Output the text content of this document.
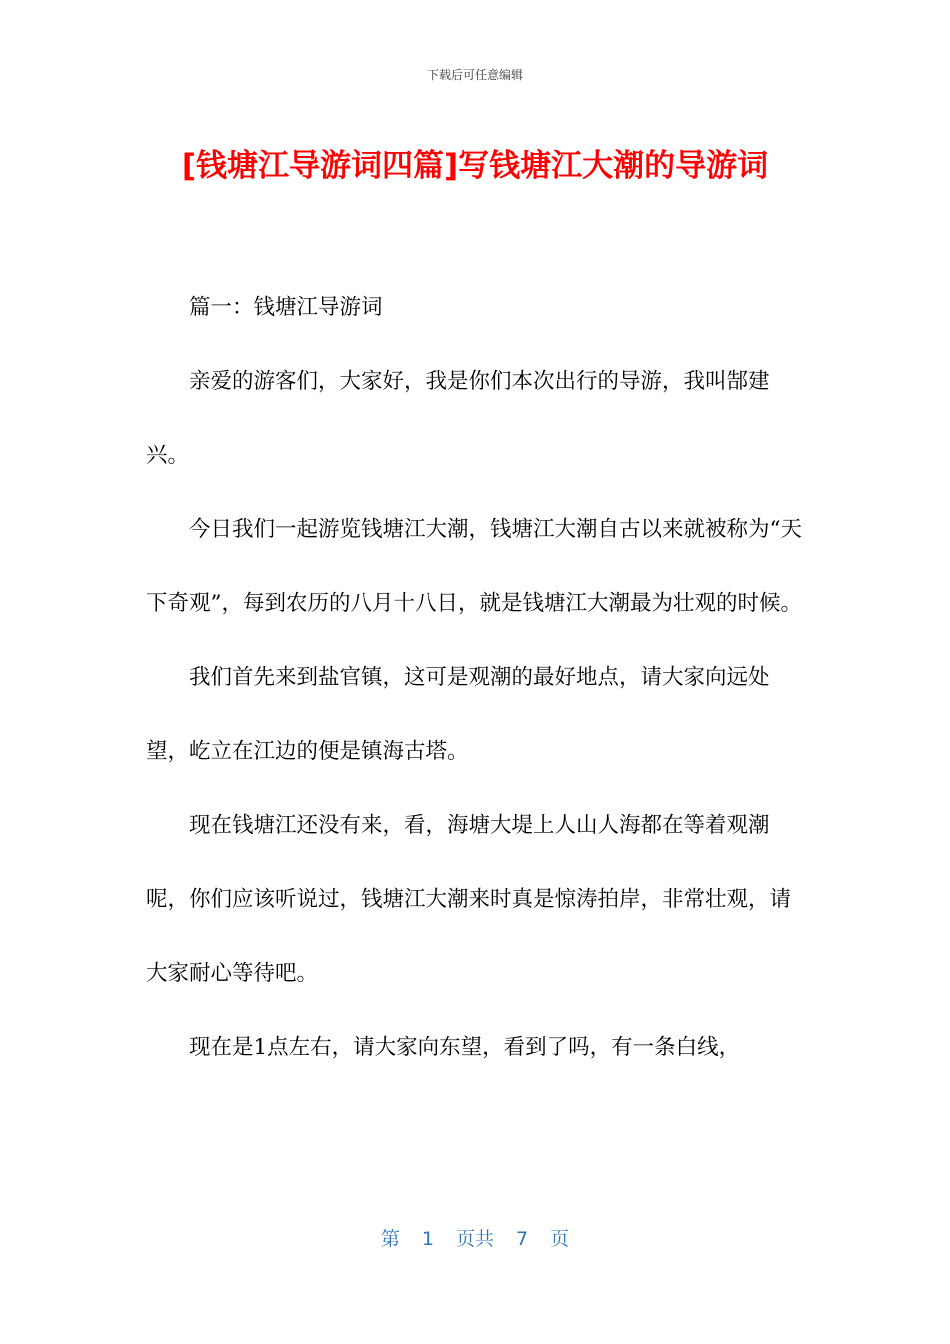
下载后可任意编辑
[钱塘江导游词四篇]写钱塘江大潮的导游词

篇一：钱塘江导游词

亲爱的游客们，大家好，我是你们本次出行的导游，我叫郜建兴。

今日我们一起游览钱塘江大潮，钱塘江大潮自古以来就被称为“天下奇观”，每到农历的八月十八日，就是钱塘江大潮最为壮观的时候。

我们首先来到盐官镇，这可是观潮的最好地点，请大家向远处望，屹立在江边的便是镇海古塔。

现在钱塘江还没有来，看，海塘大堤上人山人海都在等着观潮呢，你们应该听说过，钱塘江大潮来时真是惊涛拍岸，非常壮观，请大家耐心等待吧。

现在是1点左右，请大家向东望，看到了吗，有一条白线，

第 1 页共 7 页
